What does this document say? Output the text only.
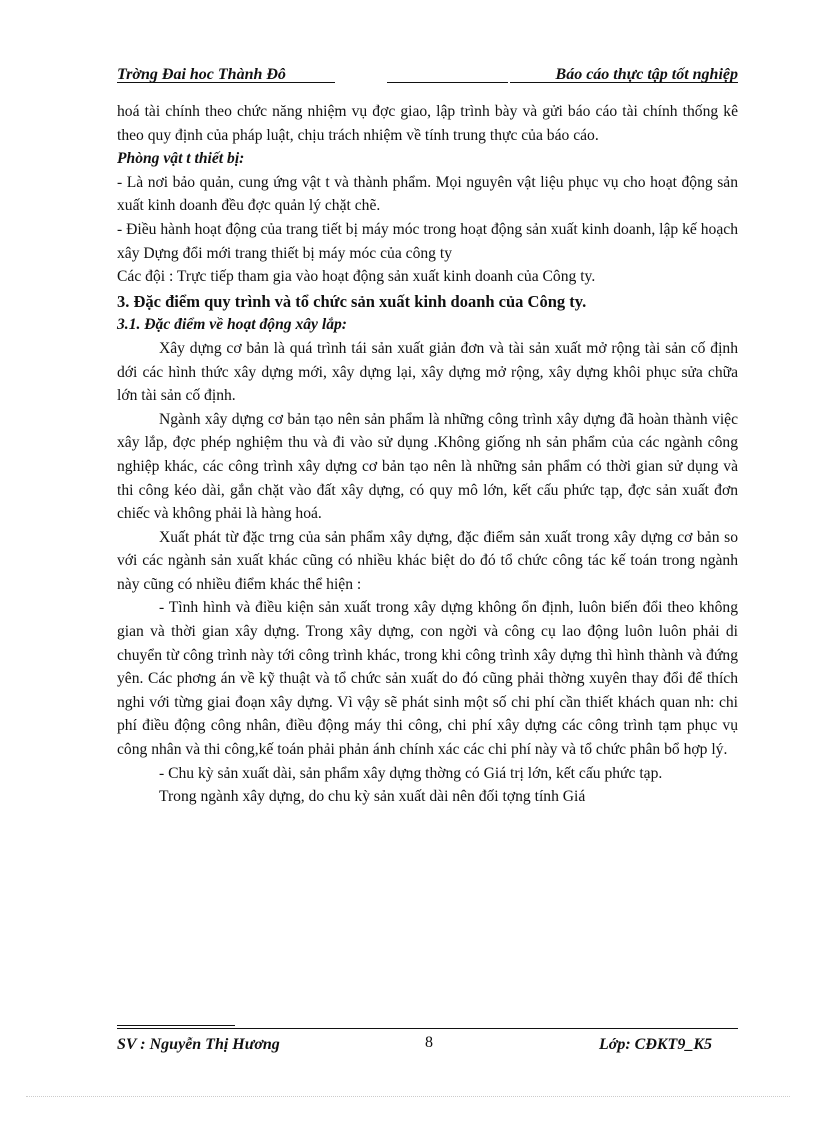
Trờng Đai hoc Thành Đô	Báo cáo thực tập tốt nghiệp

hoá tài chính theo chức năng nhiệm vụ đợc giao, lập trình bày và gửi báo cáo tài chính thống kê theo quy định của pháp luật, chịu trách nhiệm về tính trung thực của báo cáo.

Phòng vật t thiết bị:

- Là nơi bảo quản, cung ứng vật t và thành phẩm. Mọi nguyên vật liệu phục vụ cho hoạt động sản xuất kinh doanh đều đợc quản lý chặt chẽ.

- Điều hành hoạt động của trang tiết bị máy móc trong hoạt động sản xuất kinh doanh, lập kế hoạch xây Dựng đổi mới trang thiết bị máy móc của công ty

Các đội : Trực tiếp tham gia vào hoạt động sản xuất kinh doanh của Công ty.

3. Đặc điểm quy trình và tổ chức sản xuất kinh doanh của Công ty.

3.1. Đặc điểm về hoạt động xây lắp:

Xây dựng cơ bản là quá trình tái sản xuất giản đơn và tài sản xuất mở rộng tài sản cố định dới các hình thức xây dựng mới, xây dựng lại, xây dựng mở rộng, xây dựng khôi phục sửa chữa lớn tài sản cố định.

Ngành xây dựng cơ bản tạo nên sản phẩm là những công trình xây dựng đã hoàn thành việc xây lắp, đợc phép nghiệm thu và đi vào sử dụng .Không giống nh sản phẩm của các ngành công nghiệp khác, các công trình xây dựng cơ bản tạo nên là những sản phẩm có thời gian sử dụng và thi công kéo dài, gắn chặt vào đất xây dựng, có quy mô lớn, kết cấu phức tạp, đợc sản xuất đơn chiếc và không phải là hàng hoá.

Xuất phát từ đặc trng của sản phẩm xây dựng, đặc điểm sản xuất trong xây dựng cơ bản so với các ngành sản xuất khác cũng có nhiều khác biệt do đó tổ chức công tác kế toán trong ngành này cũng có nhiều điểm khác thể hiện :

- Tình hình và điều kiện sản xuất trong xây dựng không ổn định, luôn biến đổi theo không gian và thời gian xây dựng. Trong xây dựng, con ngời và công cụ lao động luôn luôn phải di chuyển từ công trình này tới công trình khác, trong khi công trình xây dựng thì hình thành và đứng yên. Các phơng án về kỹ thuật và tổ chức sản xuất do đó cũng phải thờng xuyên thay đổi để thích nghi với từng giai đoạn xây dựng. Vì vậy sẽ phát sinh một số chi phí cần thiết khách quan nh: chi phí điều động công nhân, điều động máy thi công, chi phí xây dựng các công trình tạm phục vụ công nhân và thi công,kế toán phải phản ánh chính xác các chi phí này và tổ chức phân bổ hợp lý.

- Chu kỳ sản xuất dài, sản phẩm xây dựng thờng có Giá trị lớn, kết cấu phức tạp.

Trong ngành xây dựng, do chu kỳ sản xuất dài nên đối tợng tính Giá

SV : Nguyễn Thị Hương	8	Lớp: CĐKT9_K5
